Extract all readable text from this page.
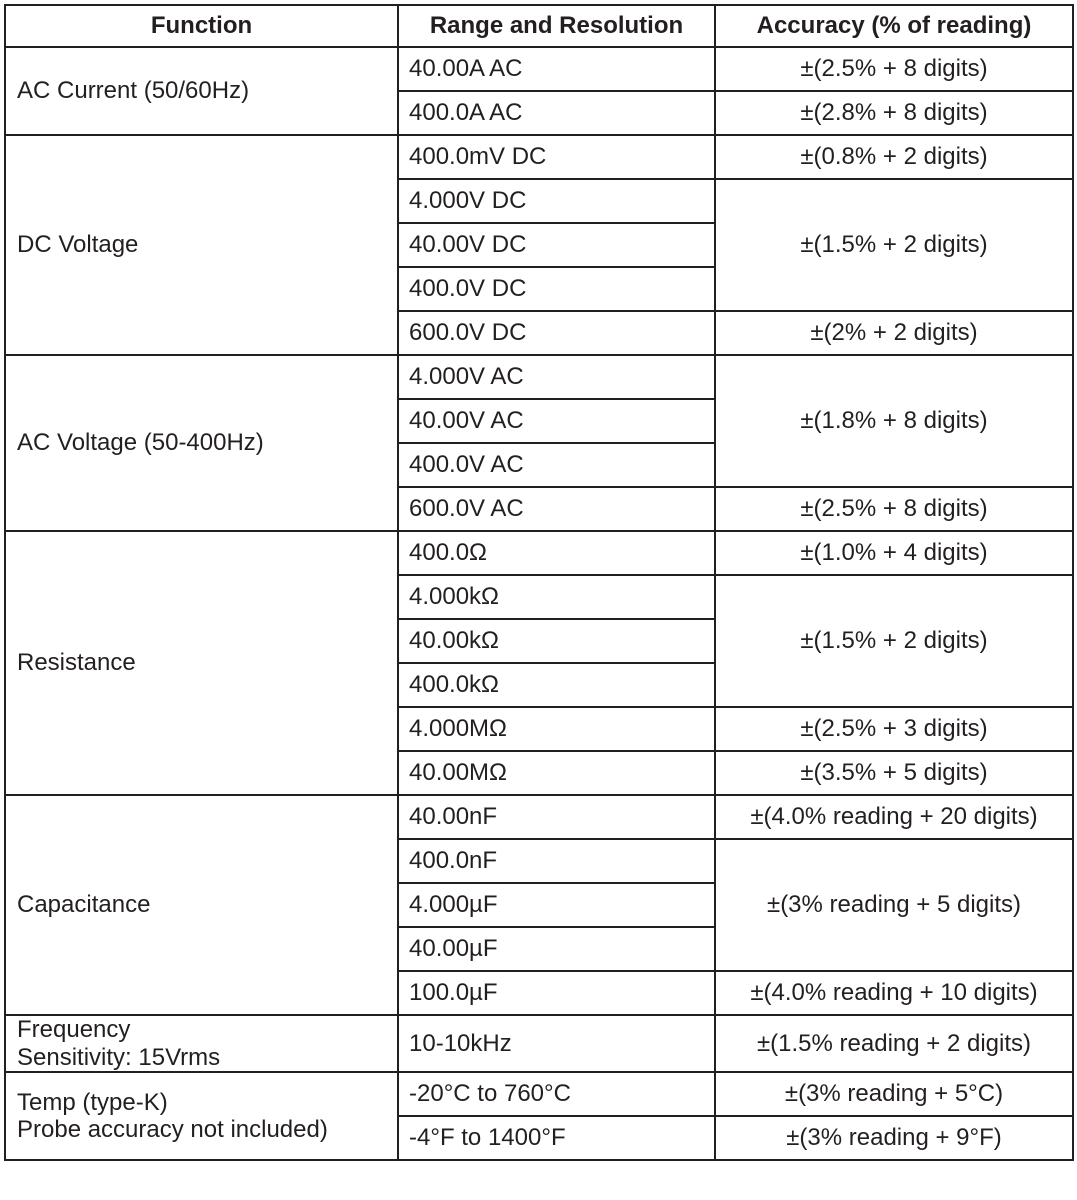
Function	Range and Resolution	Accuracy (% of reading)
AC Current (50/60Hz)	40.00A AC	±(2.5% + 8 digits)
	400.0A AC	±(2.8% + 8 digits)
DC Voltage	400.0mV DC	±(0.8% + 2 digits)
	4.000V DC	±(1.5% + 2 digits)
	40.00V DC	
	400.0V DC	
	600.0V DC	±(2% + 2 digits)
AC Voltage (50-400Hz)	4.000V AC	±(1.8% + 8 digits)
	40.00V AC	
	400.0V AC	
	600.0V AC	±(2.5% + 8 digits)
Resistance	400.0Ω	±(1.0% + 4 digits)
	4.000kΩ	±(1.5% + 2 digits)
	40.00kΩ	
	400.0kΩ	
	4.000MΩ	±(2.5% + 3 digits)
	40.00MΩ	±(3.5% + 5 digits)
Capacitance	40.00nF	±(4.0% reading + 20 digits)
	400.0nF	±(3% reading + 5 digits)
	4.000µF	
	40.00µF	
	100.0µF	±(4.0% reading + 10 digits)

Frequency
Sensitivity: 15Vrms	10-10kHz	±(1.5% reading + 2 digits)

Temp (type-K)
Probe accuracy not included)	-20°C to 760°C	±(3% reading + 5°C)
	-4°F to 1400°F	±(3% reading + 9°F)
